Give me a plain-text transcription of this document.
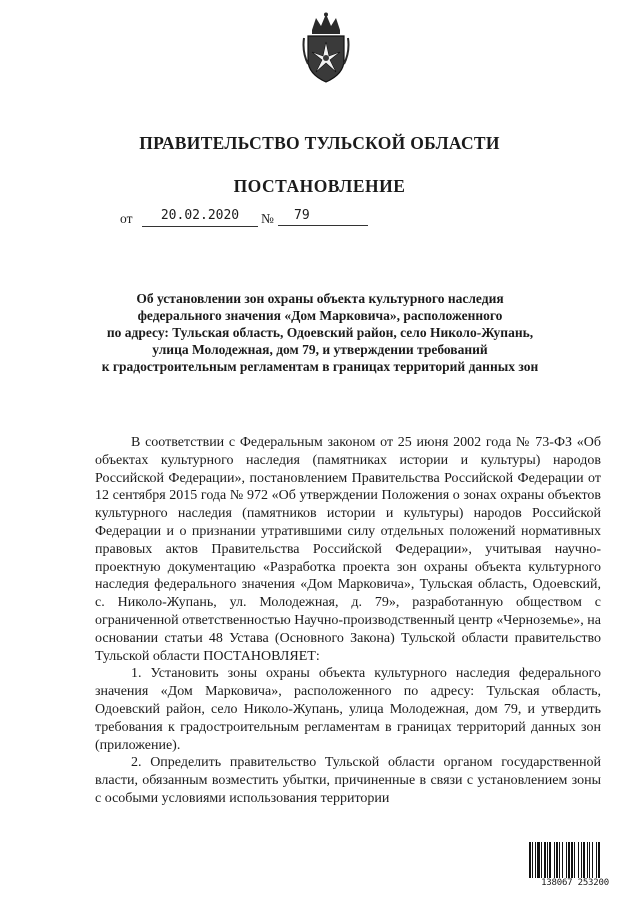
ПРАВИТЕЛЬСТВО ТУЛЬСКОЙ ОБЛАСТИ
ПОСТАНОВЛЕНИЕ
от	20.02.2020	№	79
Об установлении зон охраны объекта культурного наследия
федерального значения «Дом Марковича», расположенного
по адресу: Тульская область, Одоевский район, село Николо-Жупань,
улица Молодежная, дом 79, и утверждении требований
к градостроительным регламентам в границах территорий данных зон

В соответствии с Федеральным законом от 25 июня 2002 года № 73-ФЗ «Об объектах культурного наследия (памятниках истории и культуры) народов Российской Федерации», постановлением Правительства Российской Федерации от 12 сентября 2015 года № 972 «Об утверждении Положения о зонах охраны объектов культурного наследия (памятников истории и культуры) народов Российской Федерации и о признании утратившими силу отдельных положений нормативных правовых актов Правительства Российской Федерации», учитывая научно-проектную документацию «Разработка проекта зон охраны объекта культурного наследия федерального значения «Дом Марковича», Тульская область, Одоевский, с. Николо-Жупань, ул. Молодежная, д. 79», разработанную обществом с ограниченной ответственностью Научно-производственный центр «Черноземье», на основании статьи 48 Устава (Основного Закона) Тульской области правительство Тульской области ПОСТАНОВЛЯЕТ:

1. Установить зоны охраны объекта культурного наследия федерального значения «Дом Марковича», расположенного по адресу: Тульская область, Одоевский район, село Николо-Жупань, улица Молодежная, дом 79, и утвердить требования к градостроительным регламентам в границах территорий данных зон (приложение).

2. Определить правительство Тульской области органом государственной власти, обязанным возместить убытки, причиненные в связи с установлением зоны с особыми условиями использования территории

138067 253200
